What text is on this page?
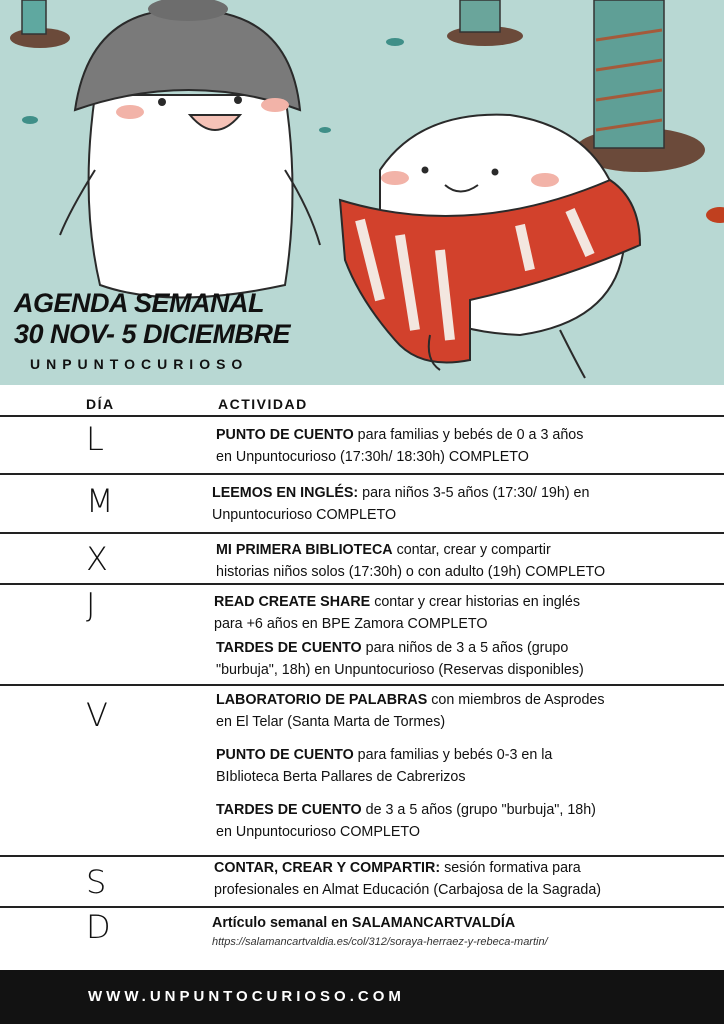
AGENDA SEMANAL
30 NOV- 5 DICIEMBRE
UNPUNTOCURIOSO
DÍA	ACTIVIDAD
L	PUNTO DE CUENTO para familias y bebés de 0 a 3 años
en Unpuntocurioso (17:30h/ 18:30h) COMPLETO
M	LEEMOS EN INGLÉS: para niños 3-5 años (17:30/ 19h) en
Unpuntocurioso COMPLETO
X	MI PRIMERA BIBLIOTECA contar, crear y compartir
historias niños solos (17:30h) o con adulto (19h) COMPLETO
J	READ CREATE SHARE contar y crear historias en inglés
para +6 años en BPE Zamora COMPLETO
TARDES DE CUENTO para niños de 3 a 5 años (grupo
"burbuja", 18h) en Unpuntocurioso (Reservas disponibles)
V	LABORATORIO DE PALABRAS con miembros de Asprodes
en El Telar (Santa Marta de Tormes)
PUNTO DE CUENTO para familias y bebés 0-3 en la
BIblioteca Berta Pallares de Cabrerizos
TARDES DE CUENTO de 3 a 5 años (grupo "burbuja", 18h)
en Unpuntocurioso COMPLETO
S	CONTAR, CREAR Y COMPARTIR: sesión formativa para
profesionales en Almat Educación (Carbajosa de la Sagrada)
D	Artículo semanal en SALAMANCARTVALDÍA
https://salamancartvaldia.es/col/312/soraya-herraez-y-rebeca-martin/
WWW.UNPUNTOCURIOSO.COM
